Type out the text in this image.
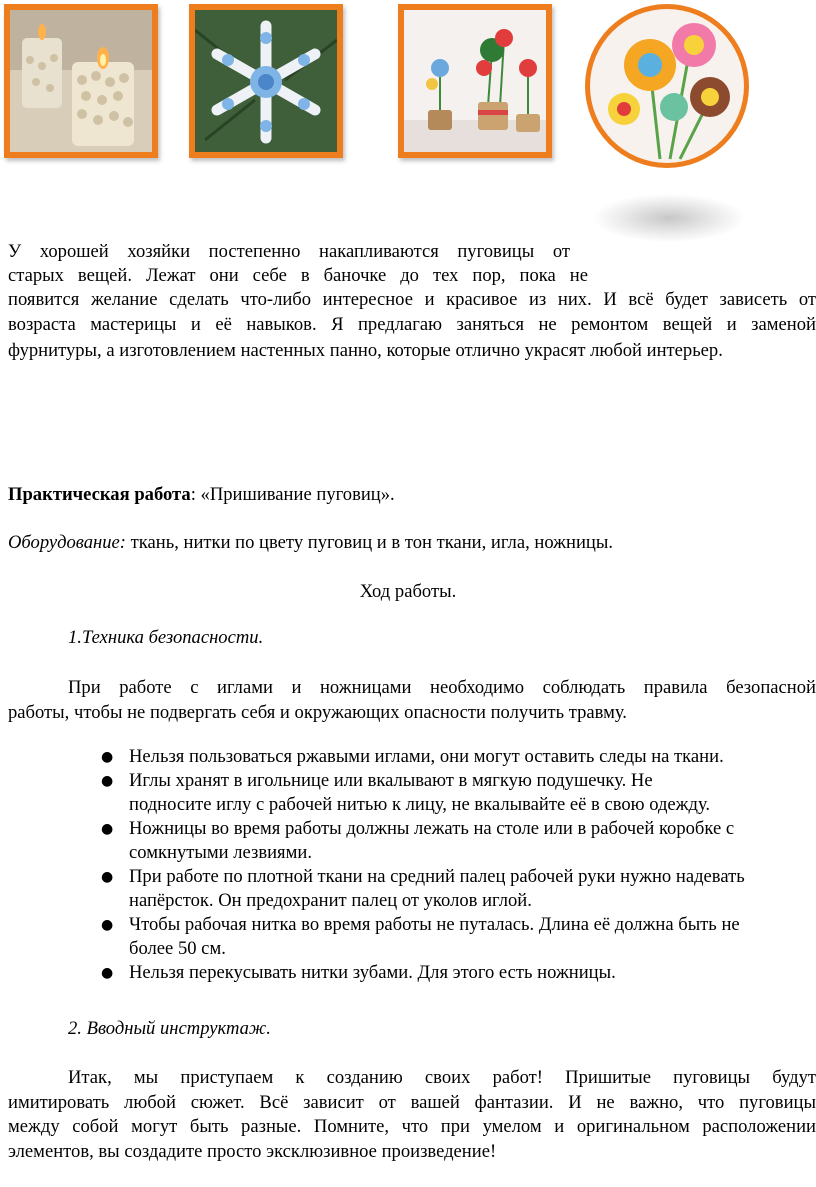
У хорошей хозяйки постепенно накапливаются пуговицы от
старых вещей. Лежат они себе в баночке до тех пор, пока не
появится желание сделать что-либо интересное и красивое из них. И всё будет зависеть от
возраста мастерицы и её навыков. Я предлагаю заняться не ремонтом вещей и заменой
фурнитуры, а изготовлением настенных панно, которые отлично украсят любой интерьер.
Практическая работа: «Пришивание пуговиц».
Оборудование: ткань, нитки по цвету пуговиц и в тон ткани, игла, ножницы.
Ход работы.
1.Техника безопасности.
При работе с иглами и ножницами необходимо соблюдать правила безопасной
работы, чтобы не подвергать себя и окружающих опасности получить травму.
● Нельзя пользоваться ржавыми иглами, они могут оставить следы на ткани.
● Иглы хранят в игольнице или вкалывают в мягкую подушечку. Не
подносите иглу с рабочей нитью к лицу, не вкалывайте её в свою одежду.
● Ножницы во время работы должны лежать на столе или в рабочей коробке с
сомкнутыми лезвиями.
● При работе по плотной ткани на средний палец рабочей руки нужно надевать
напёрсток. Он предохранит палец от уколов иглой.
● Чтобы рабочая нитка во время работы не путалась. Длина её должна быть не
более 50 см.
● Нельзя перекусывать нитки зубами. Для этого есть ножницы.
2. Вводный инструктаж.
Итак, мы приступаем к созданию своих работ! Пришитые пуговицы будут
имитировать любой сюжет. Всё зависит от вашей фантазии. И не важно, что пуговицы
между собой могут быть разные. Помните, что при умелом и оригинальном расположении
элементов, вы создадите просто эксклюзивное произведение!
